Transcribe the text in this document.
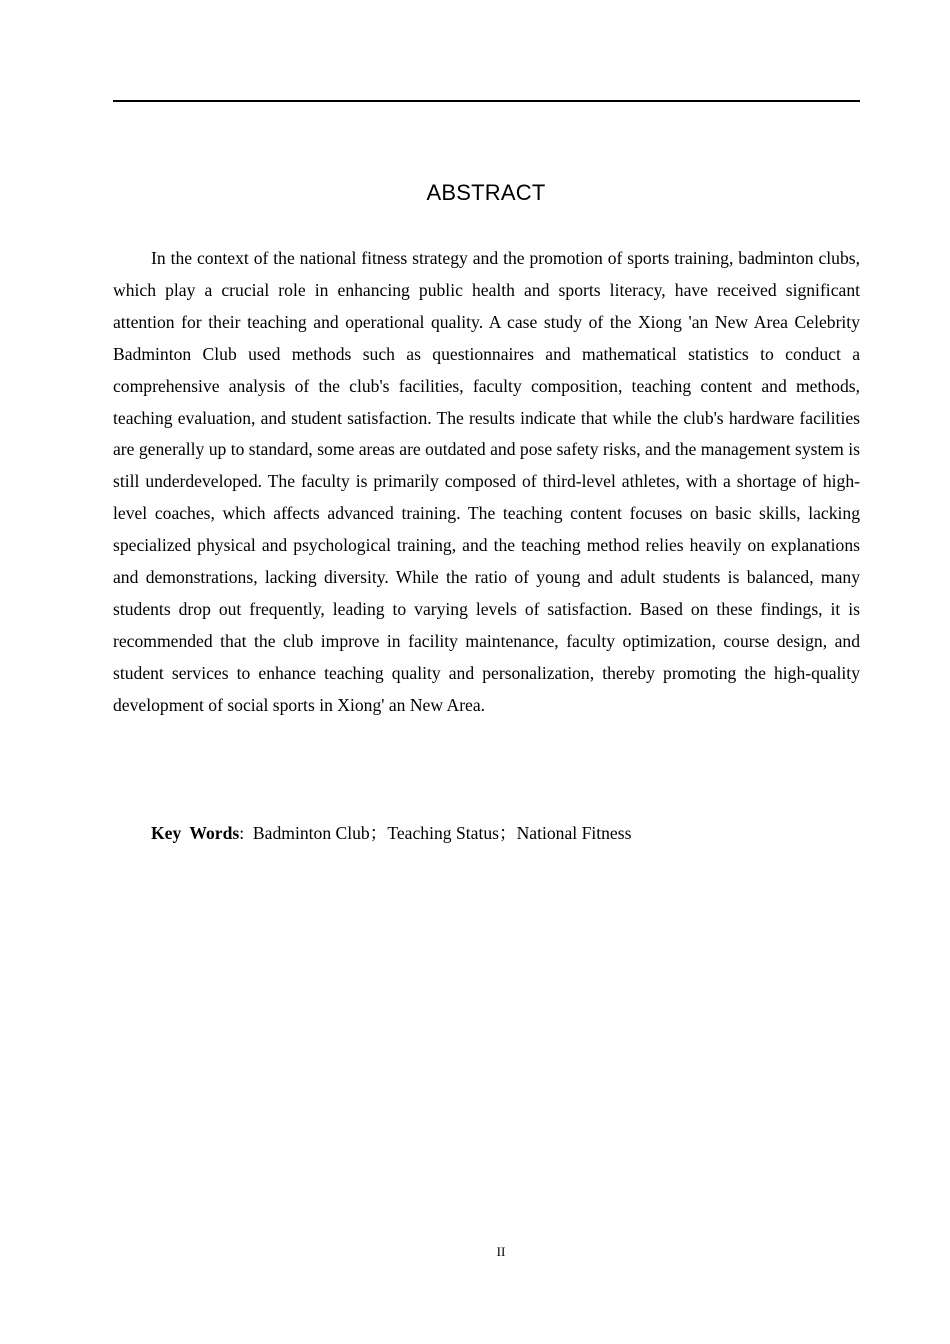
ABSTRACT

In the context of the national fitness strategy and the promotion of sports training, badminton clubs, which play a crucial role in enhancing public health and sports literacy, have received significant attention for their teaching and operational quality. A case study of the Xiong 'an New Area Celebrity Badminton Club used methods such as questionnaires and mathematical statistics to conduct a comprehensive analysis of the club's facilities, faculty composition, teaching content and methods, teaching evaluation, and student satisfaction. The results indicate that while the club's hardware facilities are generally up to standard, some areas are outdated and pose safety risks, and the management system is still underdeveloped. The faculty is primarily composed of third-level athletes, with a shortage of high-level coaches, which affects advanced training. The teaching content focuses on basic skills, lacking specialized physical and psychological training, and the teaching method relies heavily on explanations and demonstrations, lacking diversity. While the ratio of young and adult students is balanced, many students drop out frequently, leading to varying levels of satisfaction. Based on these findings, it is recommended that the club improve in facility maintenance, faculty optimization, course design, and student services to enhance teaching quality and personalization, thereby promoting the high-quality development of social sports in Xiong' an New Area.

Key Words: Badminton Club；Teaching Status；National Fitness
II
